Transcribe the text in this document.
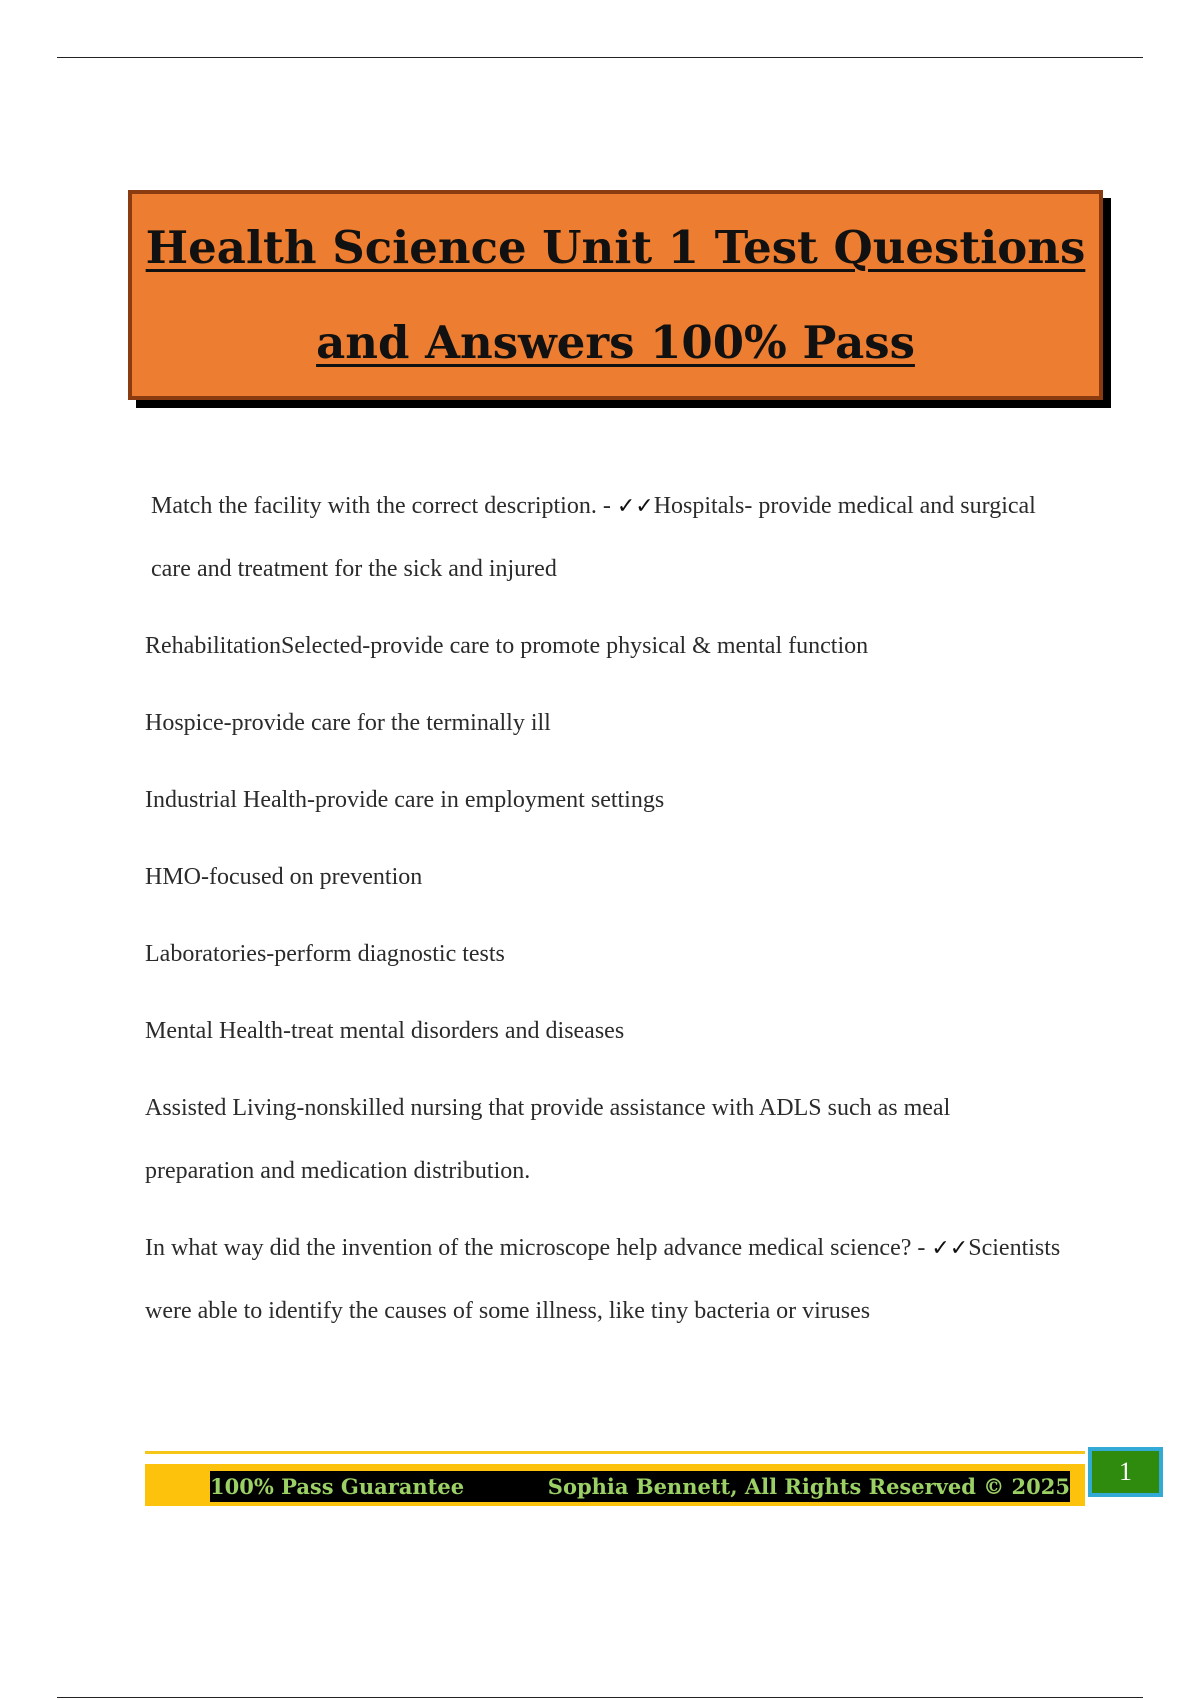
Health Science Unit 1 Test Questions
and Answers 100% Pass

Match the facility with the correct description. - ✓✓Hospitals- provide medical and surgical care and treatment for the sick and injured

RehabilitationSelected-provide care to promote physical & mental function

Hospice-provide care for the terminally ill

Industrial Health-provide care in employment settings

HMO-focused on prevention

Laboratories-perform diagnostic tests

Mental Health-treat mental disorders and diseases

Assisted Living-nonskilled nursing that provide assistance with ADLS such as meal preparation and medication distribution.

In what way did the invention of the microscope help advance medical science? - ✓✓Scientists were able to identify the causes of some illness, like tiny bacteria or viruses

100% Pass Guarantee	Sophia Bennett, All Rights Reserved © 2025
1
